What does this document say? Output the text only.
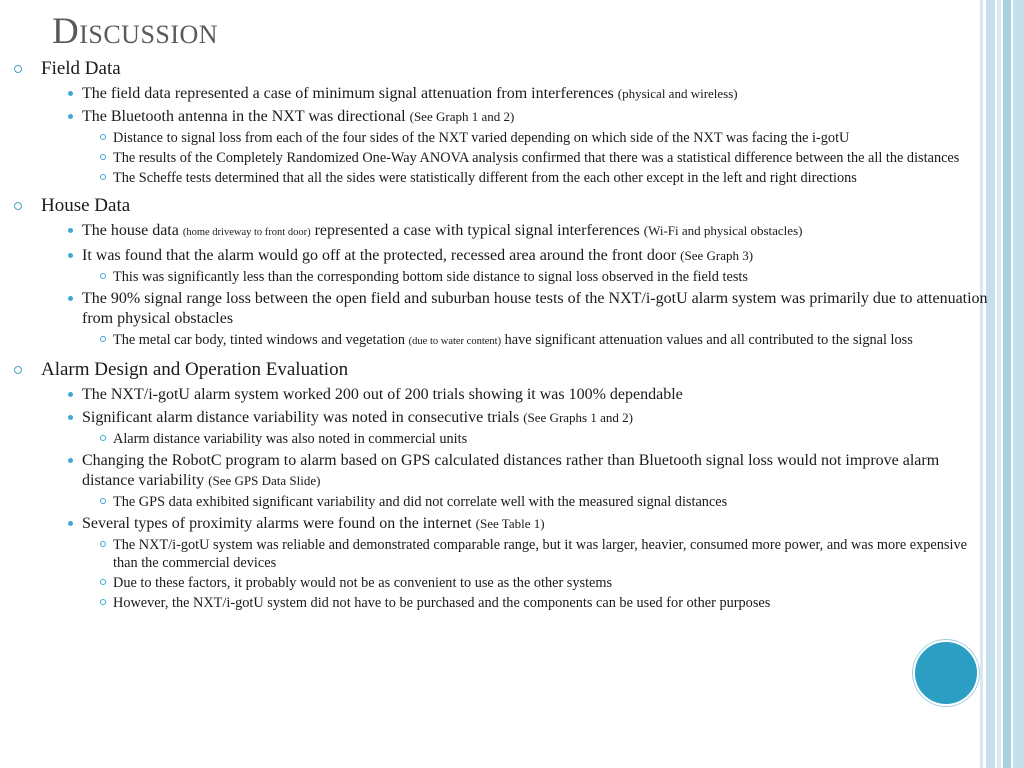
Discussion
Field Data
The field data represented a case of minimum signal attenuation from interferences (physical and wireless)
The Bluetooth antenna in the NXT was directional (See Graph 1 and 2)
Distance to signal loss from each of the four sides of the NXT varied depending on which side of the NXT was facing the i-gotU
The results of the Completely Randomized One-Way ANOVA analysis confirmed that there was a statistical difference between the all the distances
The Scheffe tests determined that all the sides were statistically different from the each other except in the left and right directions
House Data
The house data (home driveway to front door) represented a case with typical signal interferences (Wi-Fi and physical obstacles)
It was found that the alarm would go off at the protected, recessed area around the front door (See Graph 3)
This was significantly less than the corresponding bottom side distance to signal loss observed in the field tests
The 90% signal range loss between the open field and suburban house tests of the NXT/i-gotU alarm system was primarily due to attenuation from physical obstacles
The metal car body, tinted windows and vegetation (due to water content) have significant attenuation values and all contributed to the signal loss
Alarm Design and Operation Evaluation
The NXT/i-gotU alarm system worked 200 out of 200 trials showing it was 100% dependable
Significant alarm distance variability was noted in consecutive trials (See Graphs 1 and 2)
Alarm distance variability was also noted in commercial units
Changing the RobotC program to alarm based on GPS calculated distances rather than Bluetooth signal loss would not improve alarm distance variability (See GPS Data Slide)
The GPS data exhibited significant variability and did not correlate well with the measured signal distances
Several types of proximity alarms were found on the internet (See Table 1)
The NXT/i-gotU system was reliable and demonstrated comparable range, but it was larger, heavier, consumed more power, and was more expensive than the commercial devices
Due to these factors, it probably would not be as convenient to use as the other systems
However, the NXT/i-gotU system did not have to be purchased and the components can be used for other purposes
